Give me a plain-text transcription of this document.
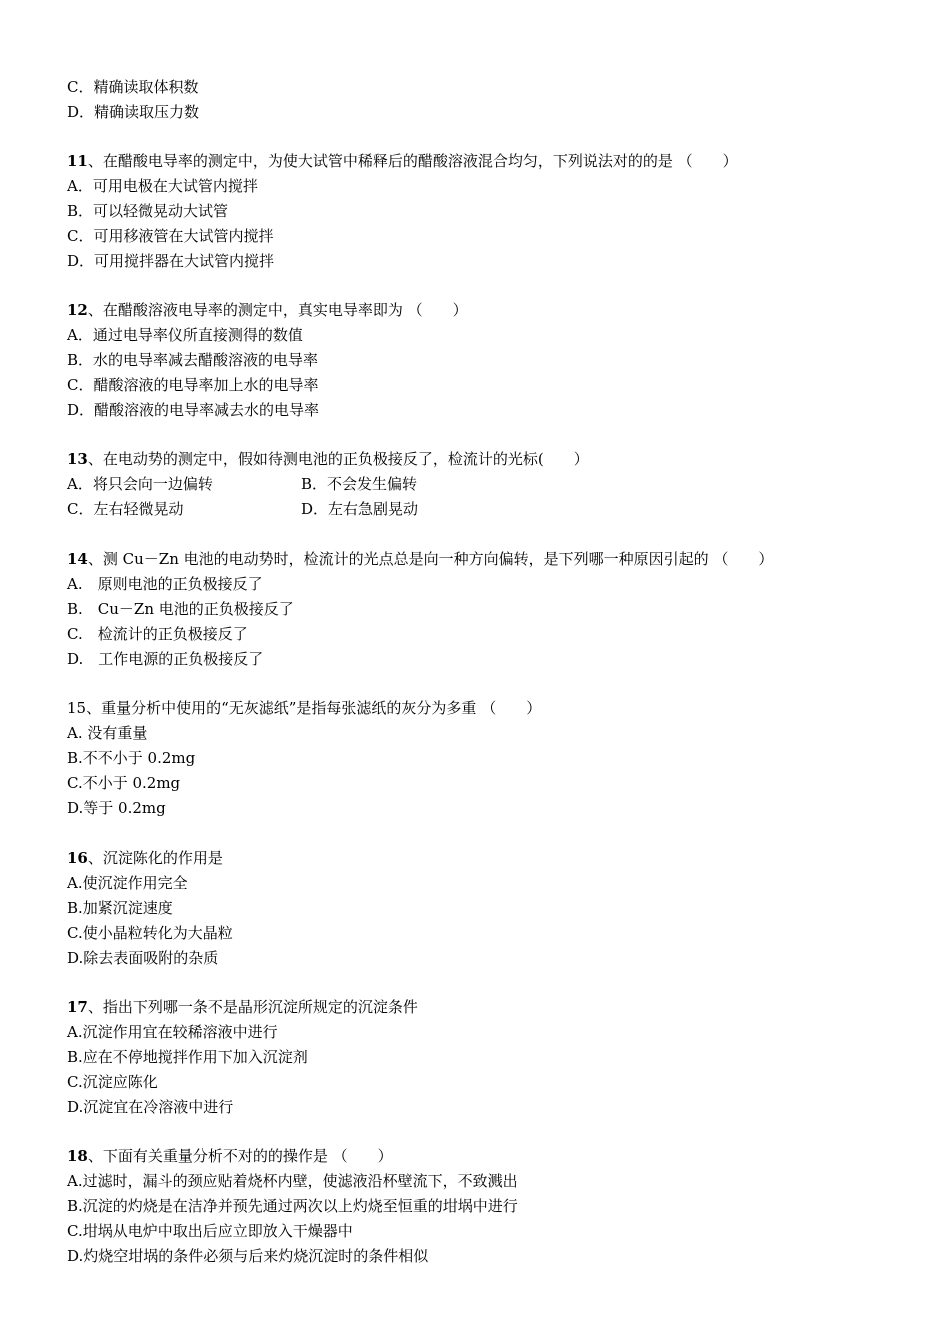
C．精确读取体积数
D．精确读取压力数
11、在醋酸电导率的测定中，为使大试管中稀释后的醋酸溶液混合均匀，下列说法对的的是 （　　）
A．可用电极在大试管内搅拌
B．可以轻微晃动大试管
C．可用移液管在大试管内搅拌
D．可用搅拌器在大试管内搅拌
12、在醋酸溶液电导率的测定中，真实电导率即为 （　　）
A．通过电导率仪所直接测得的数值
B．水的电导率减去醋酸溶液的电导率
C．醋酸溶液的电导率加上水的电导率
D．醋酸溶液的电导率减去水的电导率
13、在电动势的测定中，假如待测电池的正负极接反了，检流计的光标(　　）
A．将只会向一边偏转	B．不会发生偏转
C．左右轻微晃动	D．左右急剧晃动
14、测 Cu－Zn 电池的电动势时，检流计的光点总是向一种方向偏转，是下列哪一种原因引起的 （　　）
A.　原则电池的正负极接反了
B.　Cu－Zn 电池的正负极接反了
C.　检流计的正负极接反了
D.　工作电源的正负极接反了
15、重量分析中使用的“无灰滤纸”是指每张滤纸的灰分为多重 （　　）
A. 没有重量
B.不不小于 0.2mg
C.不小于 0.2mg
D.等于 0.2mg
16、沉淀陈化的作用是
A.使沉淀作用完全
B.加紧沉淀速度
C.使小晶粒转化为大晶粒
D.除去表面吸附的杂质
17、指出下列哪一条不是晶形沉淀所规定的沉淀条件
A.沉淀作用宜在较稀溶液中进行
B.应在不停地搅拌作用下加入沉淀剂
C.沉淀应陈化
D.沉淀宜在冷溶液中进行
18、下面有关重量分析不对的的操作是 （　　）
A.过滤时，漏斗的颈应贴着烧杯内壁，使滤液沿杯壁流下，不致溅出
B.沉淀的灼烧是在洁净并预先通过两次以上灼烧至恒重的坩埚中进行
C.坩埚从电炉中取出后应立即放入干燥器中
D.灼烧空坩埚的条件必须与后来灼烧沉淀时的条件相似
